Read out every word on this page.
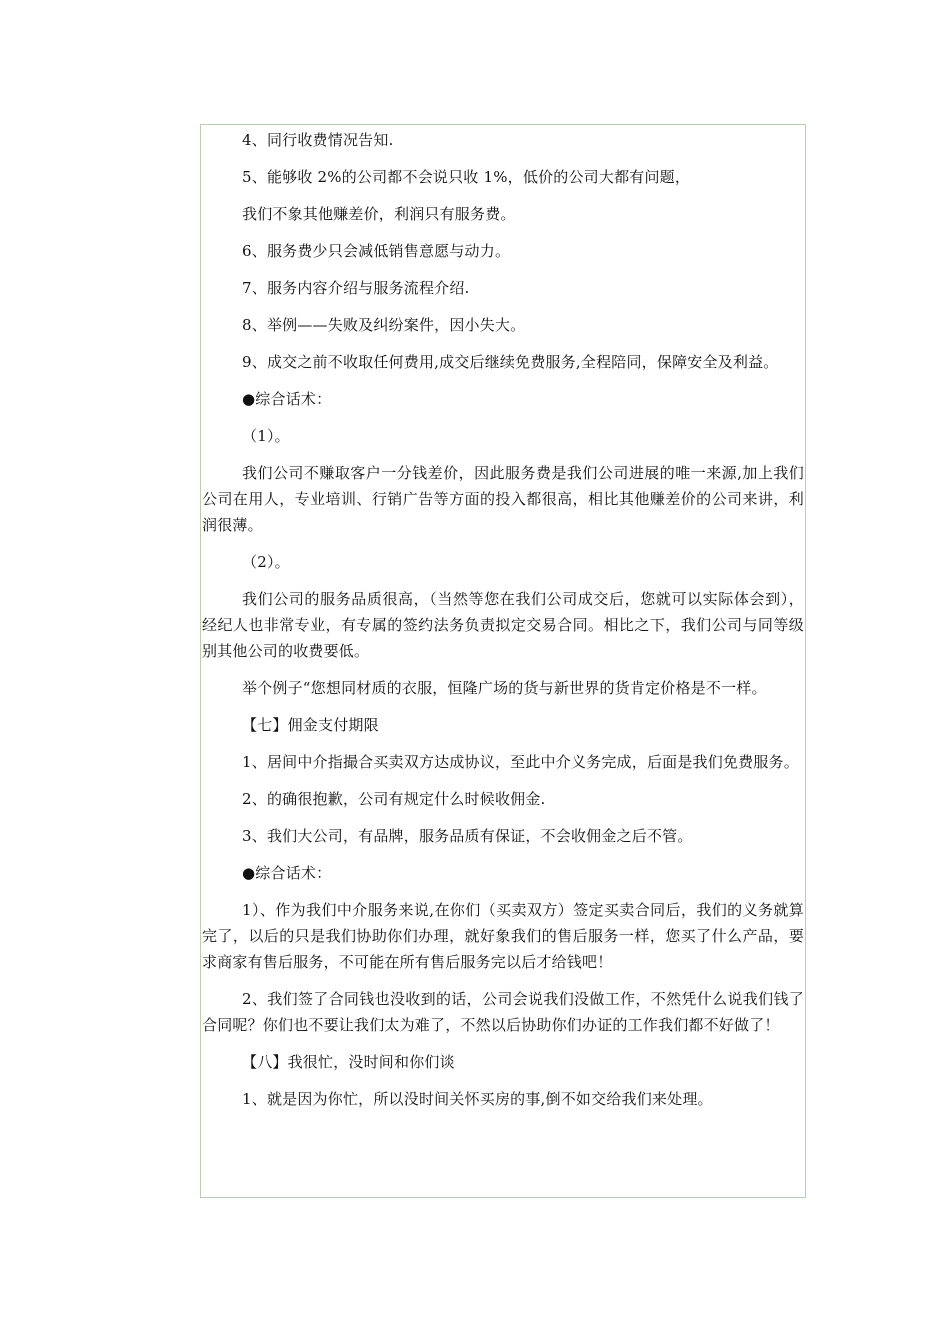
4、同行收费情况告知.

5、能够收 2%的公司都不会说只收 1%，低价的公司大都有问题，

我们不象其他赚差价，利润只有服务费。

6、服务费少只会减低销售意愿与动力。

7、服务内容介绍与服务流程介绍.

8、举例——失败及纠纷案件，因小失大。

9、成交之前不收取任何费用,成交后继续免费服务,全程陪同，保障安全及利益。

●综合话术：

（1）。

我们公司不赚取客户一分钱差价，因此服务费是我们公司进展的唯一来源,加上我们公司在用人，专业培训、行销广告等方面的投入都很高，相比其他赚差价的公司来讲，利润很薄。

（2）。

我们公司的服务品质很高，（当然等您在我们公司成交后，您就可以实际体会到），经纪人也非常专业，有专属的签约法务负责拟定交易合同。相比之下，我们公司与同等级别其他公司的收费要低。

举个例子“您想同材质的衣服，恒隆广场的货与新世界的货肯定价格是不一样。

【七】佣金支付期限

1、居间中介指撮合买卖双方达成协议，至此中介义务完成，后面是我们免费服务。

2、的确很抱歉，公司有规定什么时候收佣金.

3、我们大公司，有品牌，服务品质有保证，不会收佣金之后不管。

●综合话术：

1）、作为我们中介服务来说,在你们（买卖双方）签定买卖合同后，我们的义务就算完了，以后的只是我们协助你们办理，就好象我们的售后服务一样，您买了什么产品，要求商家有售后服务，不可能在所有售后服务完以后才给钱吧！

2、我们签了合同钱也没收到的话，公司会说我们没做工作，不然凭什么说我们钱了合同呢？你们也不要让我们太为难了，不然以后协助你们办证的工作我们都不好做了！

【八】我很忙，没时间和你们谈

1、就是因为你忙，所以没时间关怀买房的事,倒不如交给我们来处理。
